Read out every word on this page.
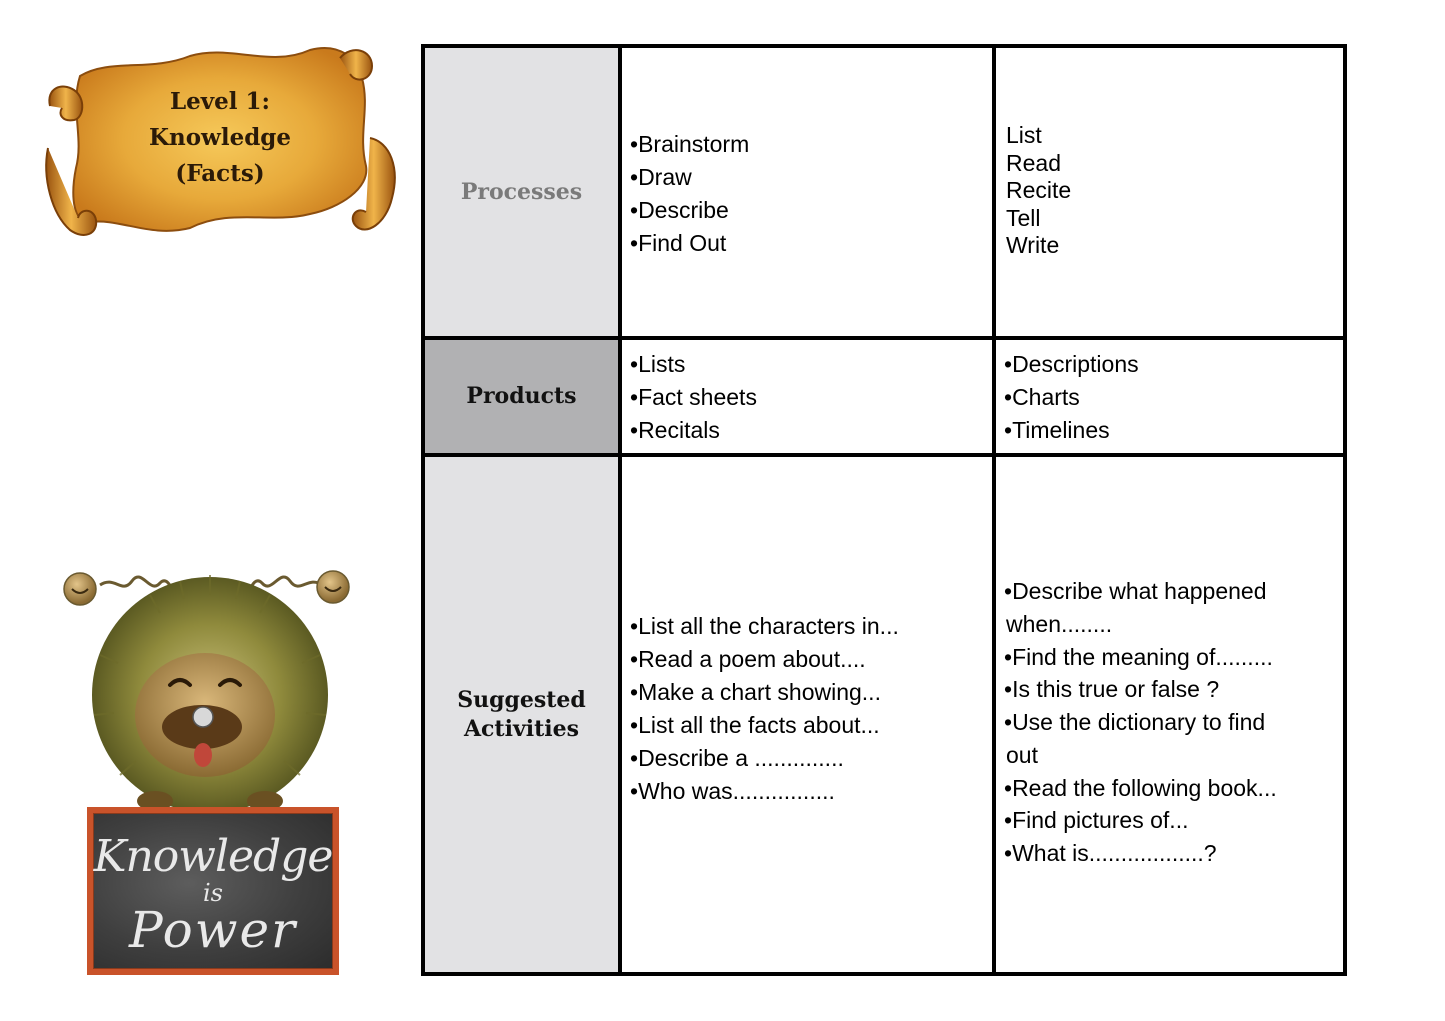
Level 1:
Knowledge
(Facts)
Knowledge
is
Power
Processes
• Brainstorm
• Draw
• Describe
• Find Out
List
Read
Recite
Tell
Write
Products
• Lists
• Fact sheets
• Recitals
• Descriptions
• Charts
• Timelines
Suggested
Activities
• List all the characters in...
• Read a poem about....
• Make a chart showing...
• List all the facts about...
• Describe a ..............
• Who was................
• Describe what happened
when........
• Find the meaning of.........
• Is this true or false ?
• Use the dictionary to find
out
• Read the following book...
• Find pictures of...
• What is..................?
